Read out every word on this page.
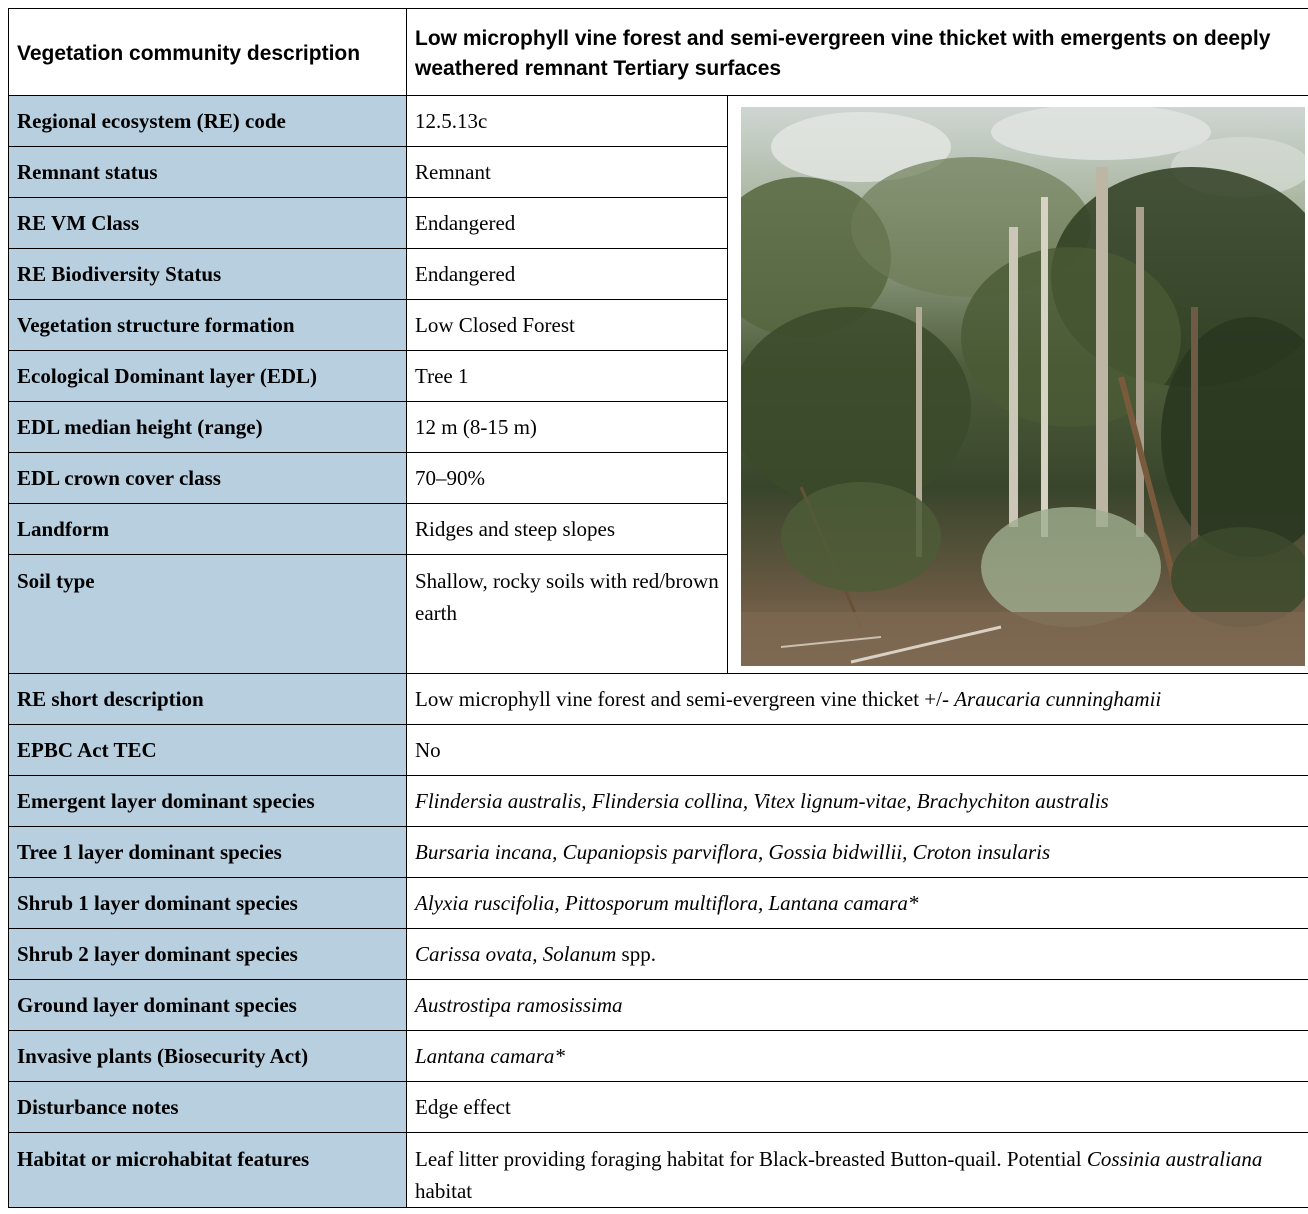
Vegetation community description	Low microphyll vine forest and semi-evergreen vine thicket with emergents on deeply weathered remnant Tertiary surfaces	
Regional ecosystem (RE) code	12.5.13c	

Remnant status	Remnant	
RE VM Class	Endangered	
RE Biodiversity Status	Endangered	
Vegetation structure formation	Low Closed Forest	
Ecological Dominant layer (EDL)	Tree 1	
EDL median height (range)	12 m (8-15 m)	
EDL crown cover class	70–90%	
Landform	Ridges and steep slopes	
Soil type	Shallow, rocky soils with red/brown earth	
RE short description	Low microphyll vine forest and semi-evergreen vine thicket +/- Araucaria cunninghamii	
EPBC Act TEC	No	
Emergent layer dominant species	Flindersia australis, Flindersia collina, Vitex lignum-vitae, Brachychiton australis	
Tree 1 layer dominant species	Bursaria incana, Cupaniopsis parviflora, Gossia bidwillii, Croton insularis	
Shrub 1 layer dominant species	Alyxia ruscifolia, Pittosporum multiflora, Lantana camara*	
Shrub 2 layer dominant species	Carissa ovata, Solanum spp.	
Ground layer dominant species	Austrostipa ramosissima	
Invasive plants (Biosecurity Act)	Lantana camara*	
Disturbance notes	Edge effect	
Habitat or microhabitat features	Leaf litter providing foraging habitat for Black-breasted Button-quail. Potential Cossinia australiana habitat	
